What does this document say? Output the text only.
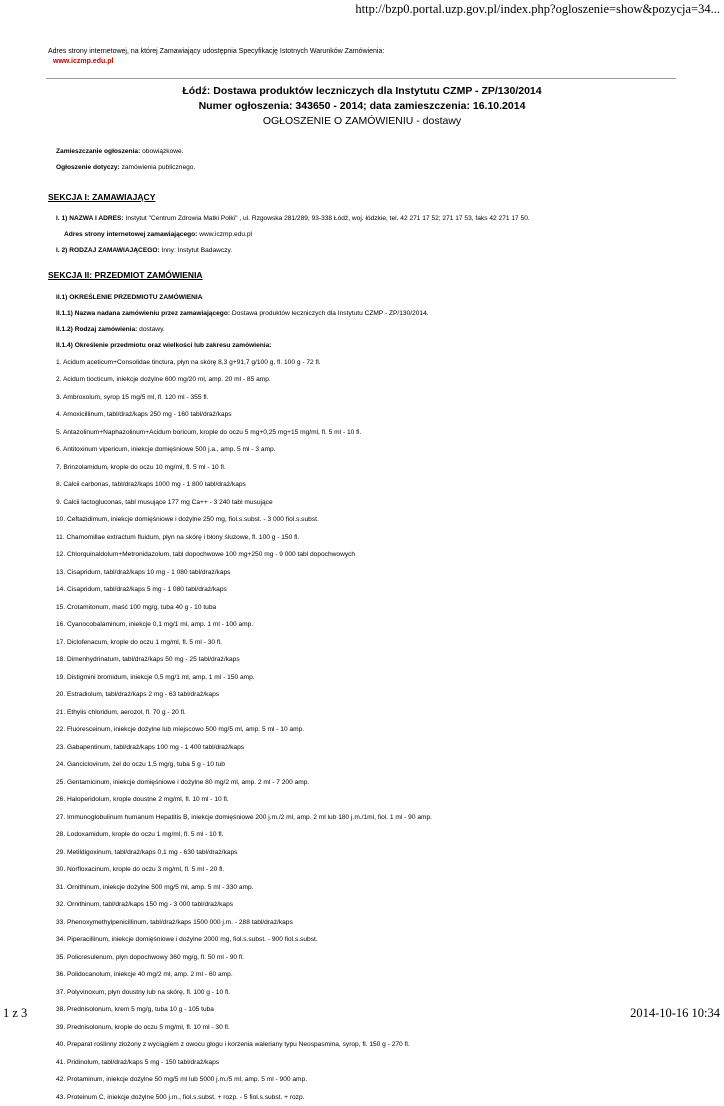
http://bzp0.portal.uzp.gov.pl/index.php?ogloszenie=show&pozycja=34...
Adres strony internetowej, na której Zamawiający udostępnia Specyfikację Istotnych Warunków Zamówienia:
www.iczmp.edu.pl
Łódź: Dostawa produktów leczniczych dla Instytutu CZMP - ZP/130/2014
Numer ogłoszenia: 343650 - 2014; data zamieszczenia: 16.10.2014
OGŁOSZENIE O ZAMÓWIENIU - dostawy
Zamieszczanie ogłoszenia: obowiązkowe.
Ogłoszenie dotyczy: zamówienia publicznego.
SEKCJA I: ZAMAWIAJĄCY
I. 1) NAZWA I ADRES: Instytut "Centrum Zdrowia Matki Polki" , ul. Rzgowska 281/289, 93-338 Łódź, woj. łódzkie, tel. 42 271 17 52; 271 17 53, faks 42 271 17 50.
Adres strony internetowej zamawiającego: www.iczmp.edu.pl
I. 2) RODZAJ ZAMAWIAJĄCEGO: Inny: Instytut Badawczy.
SEKCJA II: PRZEDMIOT ZAMÓWIENIA
II.1) OKREŚLENIE PRZEDMIOTU ZAMÓWIENIA
II.1.1) Nazwa nadana zamówieniu przez zamawiającego: Dostawa produktów leczniczych dla Instytutu CZMP - ZP/130/2014.
II.1.2) Rodzaj zamówienia: dostawy.
II.1.4) Określenie przedmiotu oraz wielkości lub zakresu zamówienia:
1. Acidum aceticum+Consolidae tinctura, płyn na skórę 8,3 g+91,7 g/100 g, fl. 100 g - 72 fl.
2. Acidum tiocticum, iniekcje dożylne 600 mg/20 ml, amp. 20 ml - 85 amp.
3. Ambroxolum, syrop 15 mg/5 ml, fl. 120 ml - 355 fl.
4. Amoxicillinum, tabl/draż/kaps 250 mg - 160 tabl/draż/kaps
5. Antazolinum+Naphazolinum+Acidum boricum, krople do oczu 5 mg+0,25 mg+15 mg/ml, fl. 5 ml - 10 fl.
6. Antitoxinum vipericum, iniekcje domięśniowe 500 j.a., amp. 5 ml - 3 amp.
7. Brinzolamidum, krople do oczu 10 mg/ml, fl. 5 ml - 10 fl.
8. Calcii carbonas, tabl/draż/kaps 1000 mg - 1 800 tabl/draż/kaps
9. Calcii lactogluconas, tabl musujące 177 mg Ca++ - 3 240 tabl musujące
10. Ceftazidimum, iniekcje domięśniowe i dożylne 250 mg, fiol.s.subst. - 3 000 fiol.s.subst.
11. Chamomillae extractum fluidum, płyn na skórę i błony śluzowe, fl. 100 g - 150 fl.
12. Chlorquinaldolum+Metronidazolum, tabl dopochwowe 100 mg+250 mg - 9 000 tabl dopochwowych
13. Cisapridum, tabl/draż/kaps 10 mg - 1 080 tabl/draż/kaps
14. Cisapridum, tabl/draż/kaps 5 mg - 1 080 tabl/draż/kaps
15. Crotamitonum, maść 100 mg/g, tuba 40 g - 10 tuba
16. Cyanocobalaminum, iniekcje 0,1 mg/1 ml, amp. 1 ml - 100 amp.
17. Diclofenacum, krople do oczu 1 mg/ml, fl. 5 ml - 30 fl.
18. Dimenhydrinatum, tabl/draż/kaps 50 mg - 25 tabl/draż/kaps
19. Distigmini bromidum, iniekcje 0,5 mg/1 ml, amp. 1 ml - 150 amp.
20. Estradiolum, tabl/draż/kaps 2 mg - 63 tabl/draż/kaps
21. Ethylis chloridum, aerozol, fl. 70 g - 20 fl.
22. Fluoresceinum, iniekcje dożylne lub miejscowo 500 mg/5 ml, amp. 5 ml - 10 amp.
23. Gabapentinum, tabl/draż/kaps 100 mg - 1 400 tabl/draż/kaps
24. Ganciclovirum, żel do oczu 1,5 mg/g, tuba 5 g - 10 tub
25. Gentamicinum, iniekcje domięśniowe i dożylne 80 mg/2 ml, amp. 2 ml - 7 200 amp.
26. Haloperidolum, krople doustne 2 mg/ml, fl. 10 ml - 10 fl.
27. Immunoglobulinum humanum Hepatitis B, iniekcje domięśniowe 200 j.m./2 ml, amp. 2 ml lub 180 j.m./1ml, fiol. 1 ml - 90 amp.
28. Lodoxamidum, krople do oczu 1 mg/ml, fl. 5 ml - 10 fl.
29. Metildigoxinum, tabl/draż/kaps 0,1 mg - 630 tabl/draż/kaps
30. Norfloxacinum, krople do oczu 3 mg/ml, fl. 5 ml - 20 fl.
31. Ornithinum, iniekcje dożylne 500 mg/5 ml, amp. 5 ml - 330 amp.
32. Ornithinum, tabl/draż/kaps 150 mg - 3 000 tabl/draż/kaps
33. Phenoxymethylpenicillinum, tabl/draż/kaps 1500 000 j.m. - 288 tabl/draż/kaps
34. Piperacillinum, iniekcje domięśniowe i dożylne 2000 mg, fiol.s.subst. - 900 fiol.s.subst.
35. Policresulenum, płyn dopochwowy 360 mg/g, fl. 50 ml - 90 fl.
36. Polidocanolum, iniekcje 40 mg/2 ml, amp. 2 ml - 60 amp.
37. Polyvinoxum, płyn doustny lub na skórę, fl. 100 g - 10 fl.
38. Prednisolonum, krem 5 mg/g, tuba 10 g - 105 tuba
39. Prednisolonum, krople do oczu 5 mg/ml, fl. 10 ml - 30 fl.
40. Preparat roślinny złożony z wyciągiem z owocu głogu i korzenia waleriany typu Neospasmina, syrop, fl. 150 g - 270 fl.
41. Pridinolum, tabl/draż/kaps 5 mg - 150 tabl/draż/kaps
42. Protaminum, iniekcje dożylne 50 mg/5 ml lub 5000 j.m./5 ml, amp. 5 ml - 900 amp.
43. Proteinum C, iniekcje dożylne 500 j.m., fiol.s.subst. + rozp. - 5 fiol.s.subst. + rozp.
1 z 3	2014-10-16 10:34
